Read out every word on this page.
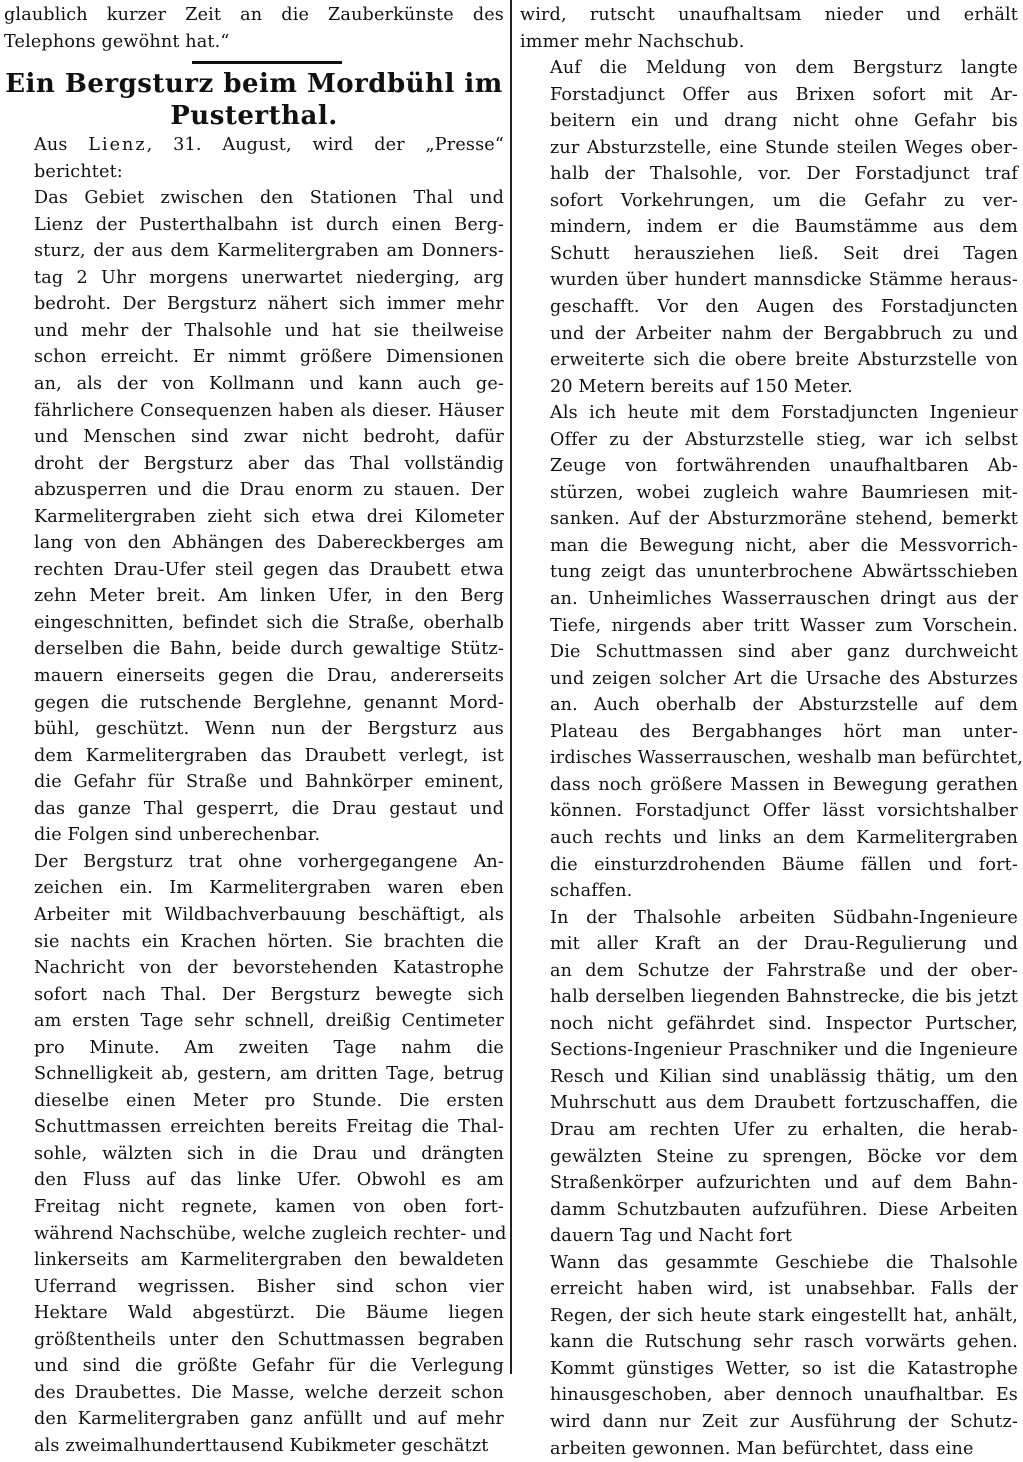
glaublich kurzer Zeit an die Zauberkünste des
Telephons gewöhnt hat.“

Ein Bergsturz beim Mordbühl im
Pusterthal.

Aus Lienz, 31. August, wird der „Presse“
berichtet:

Das Gebiet zwischen den Stationen Thal und
Lienz der Pusterthalbahn ist durch einen Berg-
sturz, der aus dem Karmelitergraben am Donners-
tag 2 Uhr morgens unerwartet niederging, arg
bedroht. Der Bergsturz nähert sich immer mehr
und mehr der Thalsohle und hat sie theilweise
schon erreicht. Er nimmt größere Dimensionen
an, als der von Kollmann und kann auch ge-
fährlichere Consequenzen haben als dieser. Häuser
und Menschen sind zwar nicht bedroht, dafür
droht der Bergsturz aber das Thal vollständig
abzusperren und die Drau enorm zu stauen. Der
Karmelitergraben zieht sich etwa drei Kilometer
lang von den Abhängen des Dabereckberges am
rechten Drau-Ufer steil gegen das Draubett etwa
zehn Meter breit. Am linken Ufer, in den Berg
eingeschnitten, befindet sich die Straße, oberhalb
derselben die Bahn, beide durch gewaltige Stütz-
mauern einerseits gegen die Drau, andererseits
gegen die rutschende Berglehne, genannt Mord-
bühl, geschützt. Wenn nun der Bergsturz aus
dem Karmelitergraben das Draubett verlegt, ist
die Gefahr für Straße und Bahnkörper eminent,
das ganze Thal gesperrt, die Drau gestaut und
die Folgen sind unberechenbar.

Der Bergsturz trat ohne vorhergegangene An-
zeichen ein. Im Karmelitergraben waren eben
Arbeiter mit Wildbachverbauung beschäftigt, als
sie nachts ein Krachen hörten. Sie brachten die
Nachricht von der bevorstehenden Katastrophe
sofort nach Thal. Der Bergsturz bewegte sich
am ersten Tage sehr schnell, dreißig Centimeter
pro Minute. Am zweiten Tage nahm die
Schnelligkeit ab, gestern, am dritten Tage, betrug
dieselbe einen Meter pro Stunde. Die ersten
Schuttmassen erreichten bereits Freitag die Thal-
sohle, wälzten sich in die Drau und drängten
den Fluss auf das linke Ufer. Obwohl es am
Freitag nicht regnete, kamen von oben fort-
während Nachschübe, welche zugleich rechter- und
linkerseits am Karmelitergraben den bewaldeten
Uferrand wegrissen. Bisher sind schon vier
Hektare Wald abgestürzt. Die Bäume liegen
größtentheils unter den Schuttmassen begraben
und sind die größte Gefahr für die Verlegung
des Draubettes. Die Masse, welche derzeit schon
den Karmelitergraben ganz anfüllt und auf mehr
als zweimalhunderttausend Kubikmeter geschätzt

wird, rutscht unaufhaltsam nieder und erhält
immer mehr Nachschub.

Auf die Meldung von dem Bergsturz langte
Forstadjunct Offer aus Brixen sofort mit Ar-
beitern ein und drang nicht ohne Gefahr bis
zur Absturzstelle, eine Stunde steilen Weges ober-
halb der Thalsohle, vor. Der Forstadjunct traf
sofort Vorkehrungen, um die Gefahr zu ver-
mindern, indem er die Baumstämme aus dem
Schutt herausziehen ließ. Seit drei Tagen
wurden über hundert mannsdicke Stämme heraus-
geschafft. Vor den Augen des Forstadjuncten
und der Arbeiter nahm der Bergabbruch zu und
erweiterte sich die obere breite Absturzstelle von
20 Metern bereits auf 150 Meter.

Als ich heute mit dem Forstadjuncten Ingenieur
Offer zu der Absturzstelle stieg, war ich selbst
Zeuge von fortwährenden unaufhaltbaren Ab-
stürzen, wobei zugleich wahre Baumriesen mit-
sanken. Auf der Absturzmoräne stehend, bemerkt
man die Bewegung nicht, aber die Messvorrich-
tung zeigt das ununterbrochene Abwärtsschieben
an. Unheimliches Wasserrauschen dringt aus der
Tiefe, nirgends aber tritt Wasser zum Vorschein.
Die Schuttmassen sind aber ganz durchweicht
und zeigen solcher Art die Ursache des Absturzes
an. Auch oberhalb der Absturzstelle auf dem
Plateau des Bergabhanges hört man unter-
irdisches Wasserrauschen, weshalb man befürchtet,
dass noch größere Massen in Bewegung gerathen
können. Forstadjunct Offer lässt vorsichtshalber
auch rechts und links an dem Karmelitergraben
die einsturzdrohenden Bäume fällen und fort-
schaffen.

In der Thalsohle arbeiten Südbahn-Ingenieure
mit aller Kraft an der Drau-Regulierung und
an dem Schutze der Fahrstraße und der ober-
halb derselben liegenden Bahnstrecke, die bis jetzt
noch nicht gefährdet sind. Inspector Purtscher,
Sections-Ingenieur Praschniker und die Ingenieure
Resch und Kilian sind unablässig thätig, um den
Muhrschutt aus dem Draubett fortzuschaffen, die
Drau am rechten Ufer zu erhalten, die herab-
gewälzten Steine zu sprengen, Böcke vor dem
Straßenkörper aufzurichten und auf dem Bahn-
damm Schutzbauten aufzuführen. Diese Arbeiten
dauern Tag und Nacht fort

Wann das gesammte Geschiebe die Thalsohle
erreicht haben wird, ist unabsehbar. Falls der
Regen, der sich heute stark eingestellt hat, anhält,
kann die Rutschung sehr rasch vorwärts gehen.
Kommt günstiges Wetter, so ist die Katastrophe
hinausgeschoben, aber dennoch unaufhaltbar. Es
wird dann nur Zeit zur Ausführung der Schutz-
arbeiten gewonnen. Man befürchtet, dass eine
